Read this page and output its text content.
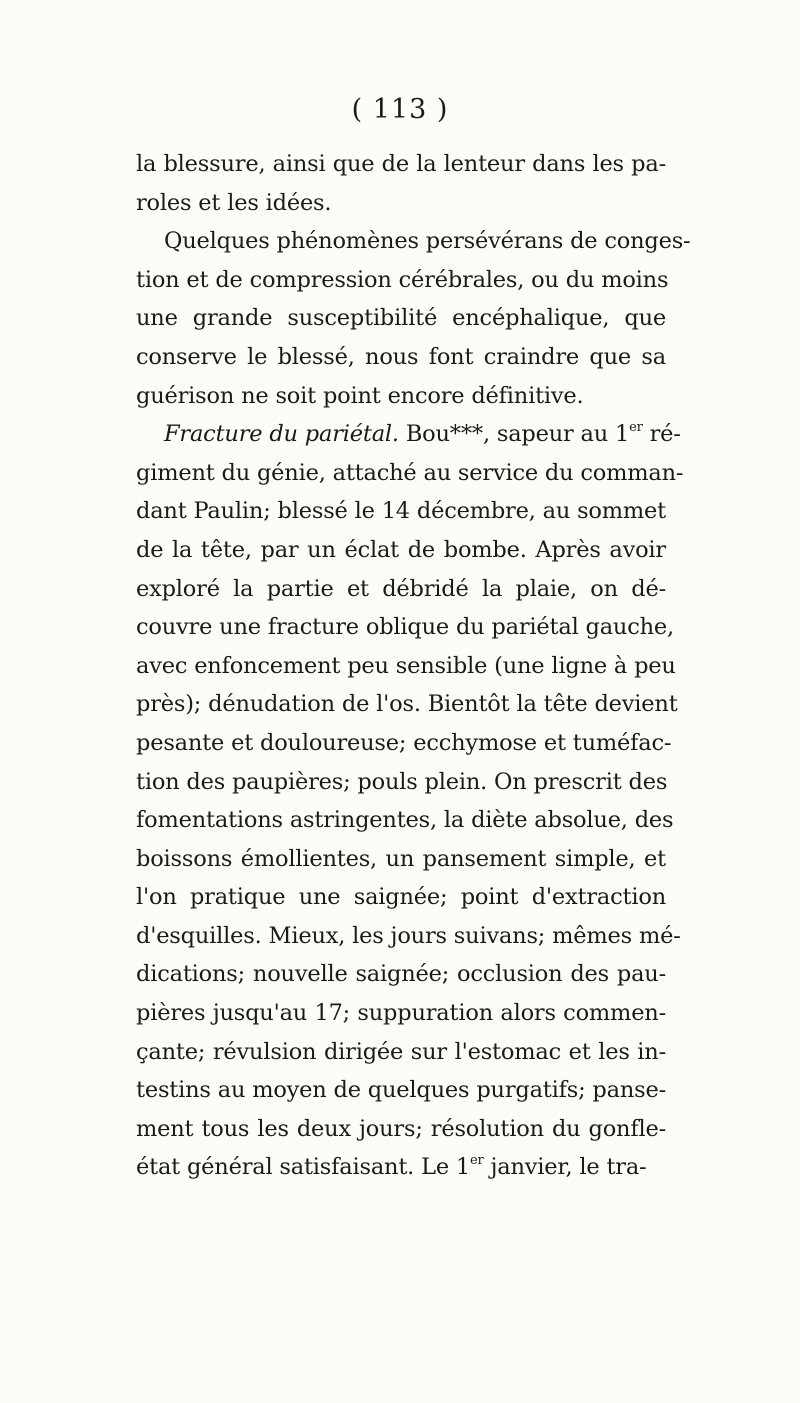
( 113 )
la blessure, ainsi que de la lenteur dans les pa-
roles et les idées.
Quelques phénomènes persévérans de conges-
tion et de compression cérébrales, ou du moins
une grande susceptibilité encéphalique, que
conserve le blessé, nous font craindre que sa
guérison ne soit point encore définitive.
Fracture du pariétal. Bou***, sapeur au 1er ré-
giment du génie, attaché au service du comman-
dant Paulin; blessé le 14 décembre, au sommet
de la tête, par un éclat de bombe. Après avoir
exploré la partie et débridé la plaie, on dé-
couvre une fracture oblique du pariétal gauche,
avec enfoncement peu sensible (une ligne à peu
près); dénudation de l'os. Bientôt la tête devient
pesante et douloureuse; ecchymose et tuméfac-
tion des paupières; pouls plein. On prescrit des
fomentations astringentes, la diète absolue, des
boissons émollientes, un pansement simple, et
l'on pratique une saignée; point d'extraction
d'esquilles. Mieux, les jours suivans; mêmes mé-
dications; nouvelle saignée; occlusion des pau-
pières jusqu'au 17; suppuration alors commen-
çante; révulsion dirigée sur l'estomac et les in-
testins au moyen de quelques purgatifs; panse-
ment tous les deux jours; résolution du gonfle-
état général satisfaisant. Le 1er janvier, le tra-
